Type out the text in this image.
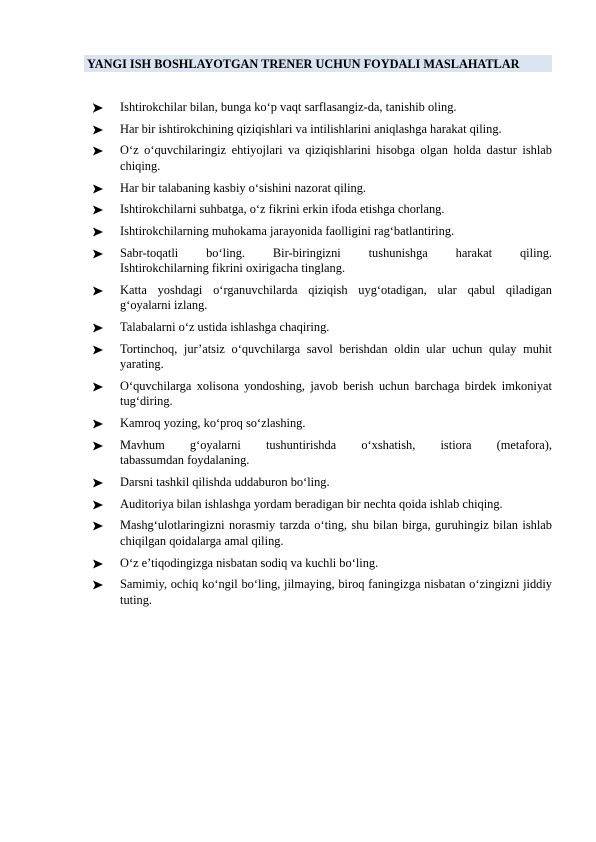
YANGI ISH BOSHLAYOTGAN TRENER UCHUN FOYDALI MASLAHATLAR
Ishtirokchilar bilan, bunga ko‘p vaqt sarflasangiz-da, tanishib oling.
Har bir ishtirokchining qiziqishlari va intilishlarini aniqlashga harakat qiling.
O‘z o‘quvchilaringiz ehtiyojlari va qiziqishlarini hisobga olgan holda dastur ishlab chiqing.
Har bir talabaning kasbiy o‘sishini nazorat qiling.
Ishtirokchilarni suhbatga, o‘z fikrini erkin ifoda etishga chorlang.
Ishtirokchilarning muhokama jarayonida faolligini rag‘batlantiring.
Sabr-toqatli bo‘ling. Bir-biringizni tushunishga harakat qiling.
Ishtirokchilarning fikrini oxirigacha tinglang.
Katta yoshdagi o‘rganuvchilarda qiziqish uyg‘otadigan, ular qabul qiladigan g‘oyalarni izlang.
Talabalarni o‘z ustida ishlashga chaqiring.
Tortinchoq, jur’atsiz o‘quvchilarga savol berishdan oldin ular uchun qulay muhit yarating.
O‘quvchilarga xolisona yondoshing, javob berish uchun barchaga birdek imkoniyat tug‘diring.
Kamroq yozing, ko‘proq so‘zlashing.
Mavhum g‘oyalarni tushuntirishda o‘xshatish, istiora (metafora),
tabassumdan foydalaning.
Darsni tashkil qilishda uddaburon bo‘ling.
Auditoriya bilan ishlashga yordam beradigan bir nechta qoida ishlab chiqing.
Mashg‘ulotlaringizni norasmiy tarzda o‘ting, shu bilan birga, guruhingiz bilan ishlab chiqilgan qoidalarga amal qiling.
O‘z e’tiqodingizga nisbatan sodiq va kuchli bo‘ling.
Samimiy, ochiq ko‘ngil bo‘ling, jilmaying, biroq faningizga nisbatan o‘zingizni jiddiy tuting.
